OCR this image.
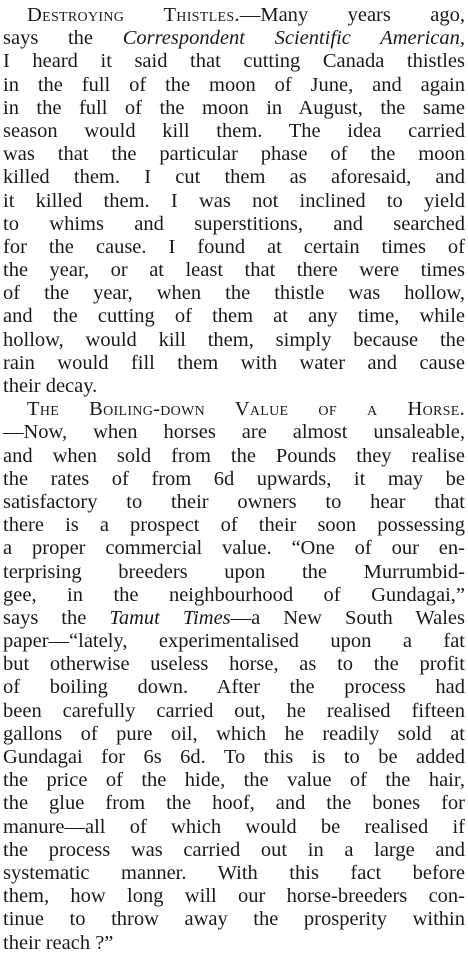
Destroying Thistles.—Many years ago,
says the Correspondent Scientific American,
I heard it said that cutting Canada thistles
in the full of the moon of June, and again
in the full of the moon in August, the same
season would kill them. The idea carried
was that the particular phase of the moon
killed them. I cut them as aforesaid, and
it killed them. I was not inclined to yield
to whims and superstitions, and searched
for the cause. I found at certain times of
the year, or at least that there were times
of the year, when the thistle was hollow,
and the cutting of them at any time, while
hollow, would kill them, simply because the
rain would fill them with water and cause
their decay.
The Boiling-down Value of a Horse.
—Now, when horses are almost unsaleable,
and when sold from the Pounds they realise
the rates of from 6d upwards, it may be
satisfactory to their owners to hear that
there is a prospect of their soon possessing
a proper commercial value. “One of our en-
terprising breeders upon the Murrumbid-
gee, in the neighbourhood of Gundagai,”
says the Tamut Times—a New South Wales
paper—“lately, experimentalised upon a fat
but otherwise useless horse, as to the profit
of boiling down. After the process had
been carefully carried out, he realised fifteen
gallons of pure oil, which he readily sold at
Gundagai for 6s 6d. To this is to be added
the price of the hide, the value of the hair,
the glue from the hoof, and the bones for
manure—all of which would be realised if
the process was carried out in a large and
systematic manner. With this fact before
them, how long will our horse-breeders con-
tinue to throw away the prosperity within
their reach ?”
